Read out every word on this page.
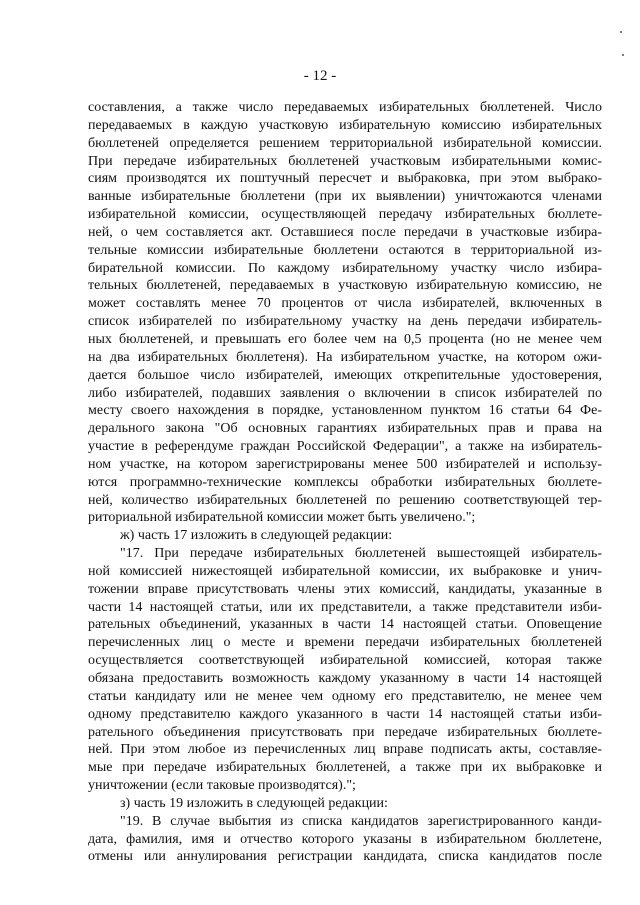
- 12 -
составления, а также число передаваемых избирательных бюллетеней. Число
передаваемых в каждую участковую избирательную комиссию избирательных
бюллетеней определяется решением территориальной избирательной комиссии.
При передаче избирательных бюллетеней участковым избирательными комис-
сиям производятся их поштучный пересчет и выбраковка, при этом выбрако-
ванные избирательные бюллетени (при их выявлении) уничтожаются членами
избирательной комиссии, осуществляющей передачу избирательных бюллете-
ней, о чем составляется акт. Оставшиеся после передачи в участковые избира-
тельные комиссии избирательные бюллетени остаются в территориальной из-
бирательной комиссии. По каждому избирательному участку число избира-
тельных бюллетеней, передаваемых в участковую избирательную комиссию, не
может составлять менее 70 процентов от числа избирателей, включенных в
список избирателей по избирательному участку на день передачи избиратель-
ных бюллетеней, и превышать его более чем на 0,5 процента (но не менее чем
на два избирательных бюллетеня). На избирательном участке, на котором ожи-
дается большое число избирателей, имеющих открепительные удостоверения,
либо избирателей, подавших заявления о включении в список избирателей по
месту своего нахождения в порядке, установленном пунктом 16 статьи 64 Фе-
дерального закона "Об основных гарантиях избирательных прав и права на
участие в референдуме граждан Российской Федерации", а также на избиратель-
ном участке, на котором зарегистрированы менее 500 избирателей и использу-
ются программно-технические комплексы обработки избирательных бюллете-
ней, количество избирательных бюллетеней по решению соответствующей тер-
риториальной избирательной комиссии может быть увеличено.";
ж) часть 17 изложить в следующей редакции:
"17. При передаче избирательных бюллетеней вышестоящей избиратель-
ной комиссией нижестоящей избирательной комиссии, их выбраковке и унич-
тожении вправе присутствовать члены этих комиссий, кандидаты, указанные в
части 14 настоящей статьи, или их представители, а также представители изби-
рательных объединений, указанных в части 14 настоящей статьи. Оповещение
перечисленных лиц о месте и времени передачи избирательных бюллетеней
осуществляется соответствующей избирательной комиссией, которая также
обязана предоставить возможность каждому указанному в части 14 настоящей
статьи кандидату или не менее чем одному его представителю, не менее чем
одному представителю каждого указанного в части 14 настоящей статьи изби-
рательного объединения присутствовать при передаче избирательных бюллете-
ней. При этом любое из перечисленных лиц вправе подписать акты, составляе-
мые при передаче избирательных бюллетеней, а также при их выбраковке и
уничтожении (если таковые производятся).";
з) часть 19 изложить в следующей редакции:
"19. В случае выбытия из списка кандидатов зарегистрированного канди-
дата, фамилия, имя и отчество которого указаны в избирательном бюллетене,
отмены или аннулирования регистрации кандидата, списка кандидатов после
